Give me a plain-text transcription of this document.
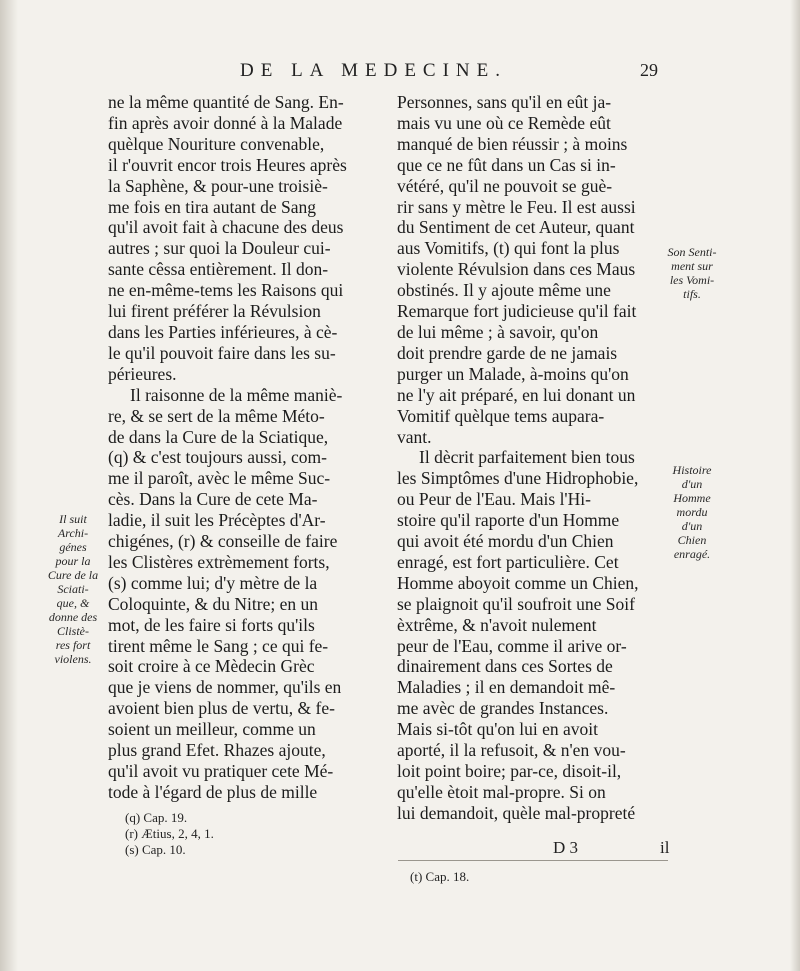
DE LA MEDECINE.	29
ne la même quantité de Sang. En-
fin après avoir donné à la Malade
quèlque Nouriture convenable,
il r'ouvrit encor trois Heures après
la Saphène, & pour-une troisiè-
me fois en tira autant de Sang
qu'il avoit fait à chacune des deus
autres ; sur quoi la Douleur cui-
sante cêssa entièrement. Il don-
ne en-même-tems les Raisons qui
lui firent préférer la Révulsion
dans les Parties inférieures, à cè-
le qu'il pouvoit faire dans les su-
périeures.
Il raisonne de la même maniè-
re, & se sert de la même Méto-
de dans la Cure de la Sciatique,
(q) & c'est toujours aussi, com-
me il paroît, avèc le même Suc-
cès. Dans la Cure de cete Ma-
ladie, il suit les Précèptes d'Ar-
chigénes, (r) & conseille de faire
les Clistères extrèmement forts,
(s) comme lui; d'y mètre de la
Coloquinte, & du Nitre; en un
mot, de les faire si forts qu'ils
tirent même le Sang ; ce qui fe-
soit croire à ce Mèdecin Grèc
que je viens de nommer, qu'ils en
avoient bien plus de vertu, & fe-
soient un meilleur, comme un
plus grand Efet. Rhazes ajoute,
qu'il avoit vu pratiquer cete Mé-
tode à l'égard de plus de mille
Personnes, sans qu'il en eût ja-
mais vu une où ce Remède eût
manqué de bien réussir ; à moins
que ce ne fût dans un Cas si in-
vétéré, qu'il ne pouvoit se guè-
rir sans y mètre le Feu. Il est aussi
du Sentiment de cet Auteur, quant
aus Vomitifs, (t) qui font la plus
violente Révulsion dans ces Maus
obstinés. Il y ajoute même une
Remarque fort judicieuse qu'il fait
de lui même ; à savoir, qu'on
doit prendre garde de ne jamais
purger un Malade, à-moins qu'on
ne l'y ait préparé, en lui donant un
Vomitif quèlque tems aupara-
vant.
Il dècrit parfaitement bien tous
les Simptômes d'une Hidrophobie,
ou Peur de l'Eau. Mais l'Hi-
stoire qu'il raporte d'un Homme
qui avoit été mordu d'un Chien
enragé, est fort particulière. Cet
Homme aboyoit comme un Chien,
se plaignoit qu'il soufroit une Soif
èxtrême, & n'avoit nulement
peur de l'Eau, comme il arive or-
dinairement dans ces Sortes de
Maladies ; il en demandoit mê-
me avèc de grandes Instances.
Mais si-tôt qu'on lui en avoit
aporté, il la refusoit, & n'en vou-
loit point boire; par-ce, disoit-il,
qu'elle ètoit mal-propre. Si on
lui demandoit, quèle mal-propreté
Il suit
Archi-
génes
pour la
Cure de la
Sciati-
que, &
donne des
Clistè-
res fort
violens.
Son Senti-
ment sur
les Vomi-
tifs.
Histoire
d'un
Homme
mordu
d'un
Chien
enragé.
(q) Cap. 19.
(r) Ætius, 2, 4, 1.
(s) Cap. 10.	D 3	il
(t) Cap. 18.
